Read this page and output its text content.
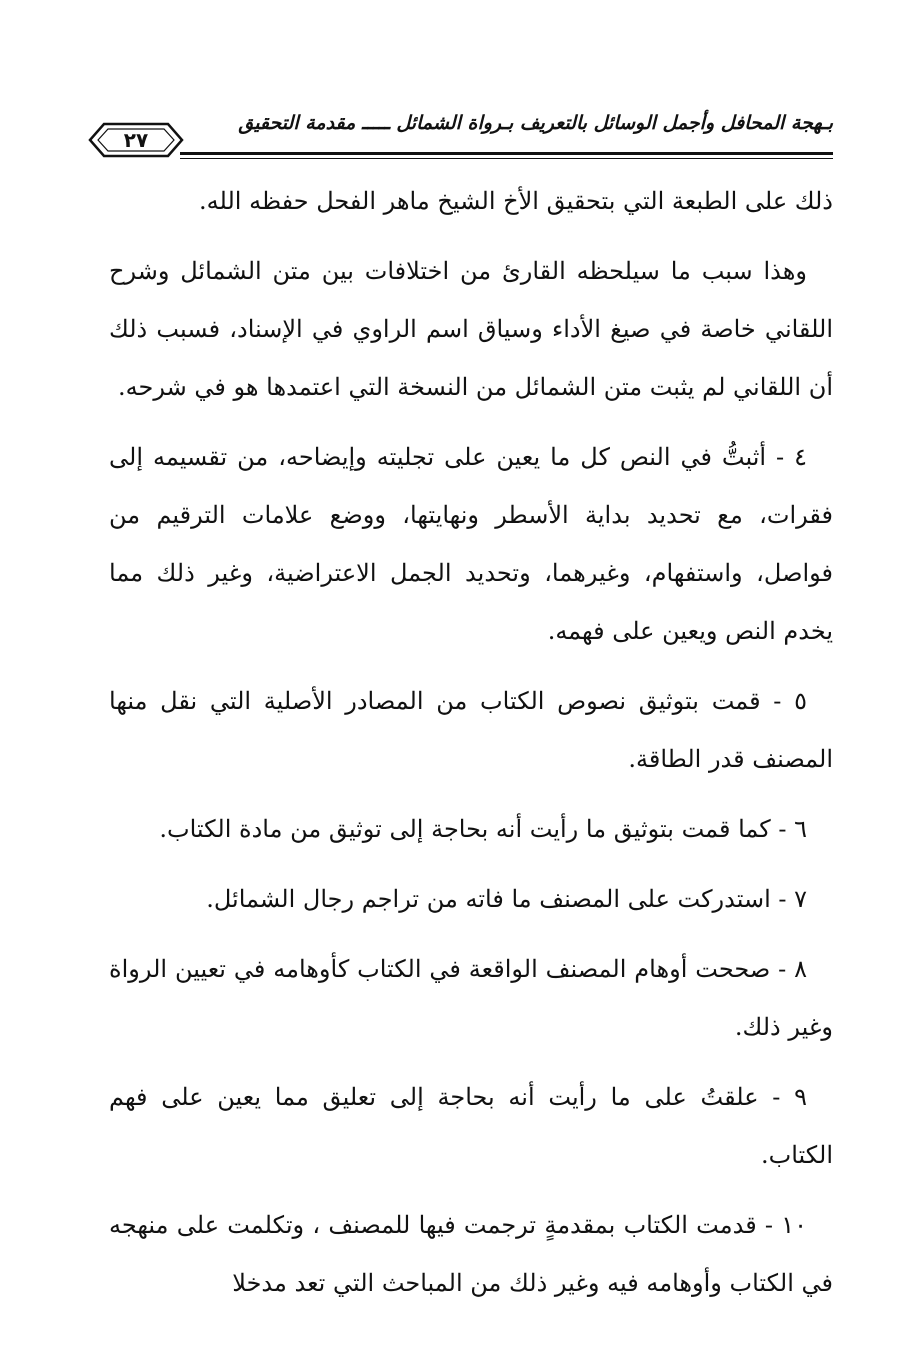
بـهجة المحافل وأجمل الوسائل بالتعريف بـرواة الشمائل ـــــ مقدمة التحقيق
٢٧

ذلك على الطبعة التي بتحقيق الأخ الشيخ ماهر الفحل حفظه الله.

وهذا سبب ما سيلحظه القارئ من اختلافات بين متن الشمائل وشرح اللقاني خاصة في صيغ الأداء وسياق اسم الراوي في الإسناد، فسبب ذلك أن اللقاني لم يثبت متن الشمائل من النسخة التي اعتمدها هو في شرحه.

٤ - أثبتُّ في النص كل ما يعين على تجليته وإيضاحه، من تقسيمه إلى فقرات، مع تحديد بداية الأسطر ونهايتها، ووضع علامات الترقيم من فواصل، واستفهام، وغيرهما، وتحديد الجمل الاعتراضية، وغير ذلك مما يخدم النص ويعين على فهمه.

٥ - قمت بتوثيق نصوص الكتاب من المصادر الأصلية التي نقل منها المصنف قدر الطاقة.

٦ - كما قمت بتوثيق ما رأيت أنه بحاجة إلى توثيق من مادة الكتاب.

٧ - استدركت على المصنف ما فاته من تراجم رجال الشمائل.

٨ - صححت أوهام المصنف الواقعة في الكتاب كأوهامه في تعيين الرواة وغير ذلك.

٩ - علقتُ على ما رأيت أنه بحاجة إلى تعليق مما يعين على فهم الكتاب.

١٠ - قدمت الكتاب بمقدمةٍ ترجمت فيها للمصنف ، وتكلمت على منهجه في الكتاب وأوهامه فيه وغير ذلك من المباحث التي تعد مدخلا
